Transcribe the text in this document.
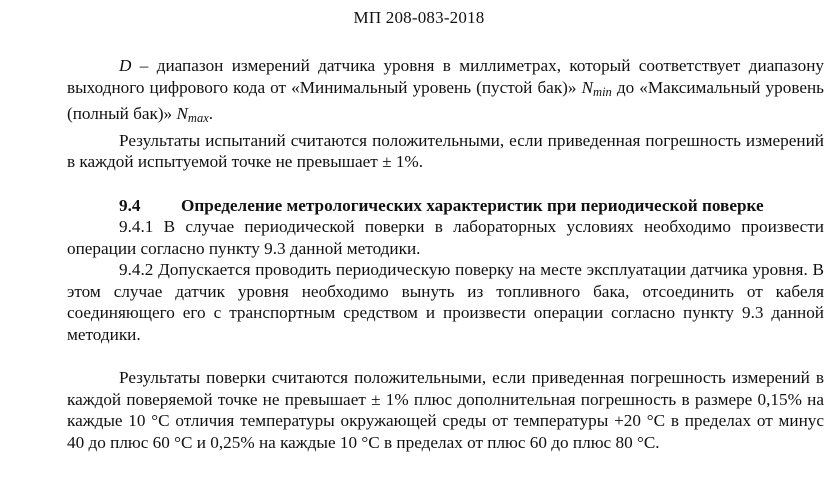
МП 208-083-2018

D – диапазон измерений датчика уровня в миллиметрах, который соответствует диапазону выходного цифрового кода от «Минимальный уровень (пустой бак)» $N_{min}$ до «Максимальный уровень (полный бак)» $N_{max}$.

Результаты испытаний считаются положительными, если приведенная погрешность измерений в каждой испытуемой точке не превышает ± 1%.

9.4 Определение метрологических характеристик при периодической поверке

9.4.1 В случае периодической поверки в лабораторных условиях необходимо произвести операции согласно пункту 9.3 данной методики.

9.4.2 Допускается проводить периодическую поверку на месте эксплуатации датчика уровня. В этом случае датчик уровня необходимо вынуть из топливного бака, отсоединить от кабеля соединяющего его с транспортным средством и произвести операции согласно пункту 9.3 данной методики.

Результаты поверки считаются положительными, если приведенная погрешность измерений в каждой поверяемой точке не превышает ± 1% плюс дополнительная погрешность в размере 0,15% на каждые 10 °С отличия температуры окружающей среды от температуры +20 °С в пределах от минус 40 до плюс 60 °С и 0,25% на каждые 10 °С в пределах от плюс 60 до плюс 80 °С.
